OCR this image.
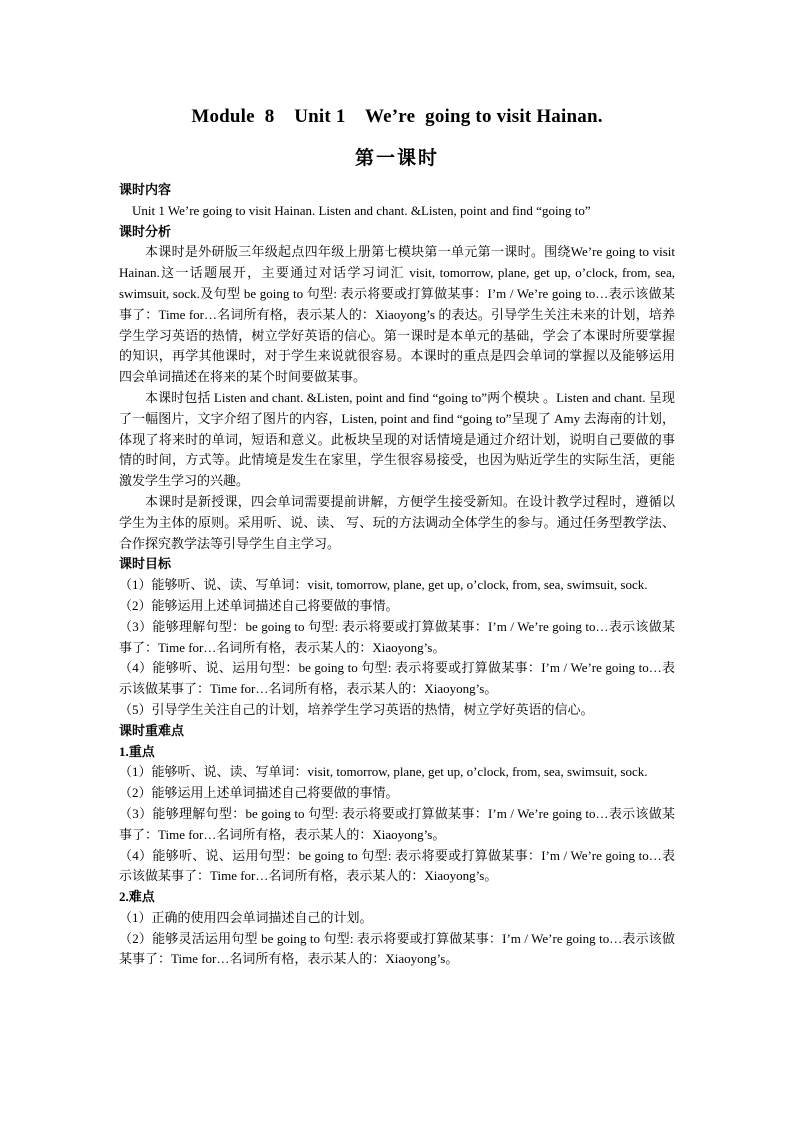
Module  8    Unit 1    We’re  going to visit Hainan.
第一课时

课时内容

Unit 1 We’re going to visit Hainan. Listen and chant. &Listen, point and find “going to”

课时分析

本课时是外研版三年级起点四年级上册第七模块第一单元第一课时。围绕We’re going to visit Hainan.这一话题展开，主要通过对话学习词汇 visit, tomorrow, plane, get up, o’clock, from, sea, swimsuit, sock.及句型 be going to 句型: 表示将要或打算做某事：I’m / We’re going to…表示该做某事了：Time for…名词所有格，表示某人的：Xiaoyong’s 的表达。引导学生关注未来的计划，培养学生学习英语的热情，树立学好英语的信心。第一课时是本单元的基础，学会了本课时所要掌握的知识，再学其他课时，对于学生来说就很容易。本课时的重点是四会单词的掌握以及能够运用四会单词描述在将来的某个时间要做某事。

本课时包括 Listen and chant. &Listen, point and find “going to”两个模块 。Listen and chant. 呈现了一幅图片，文字介绍了图片的内容，Listen, point and find “going to”呈现了 Amy 去海南的计划，体现了将来时的单词，短语和意义。此板块呈现的对话情境是通过介绍计划，说明自己要做的事情的时间，方式等。此情境是发生在家里，学生很容易接受，也因为贴近学生的实际生活，更能激发学生学习的兴趣。

本课时是新授课，四会单词需要提前讲解，方便学生接受新知。在设计教学过程时，遵循以学生为主体的原则。采用听、说、读、 写、玩的方法调动全体学生的参与。通过任务型教学法、合作探究教学法等引导学生自主学习。

课时目标

（1）能够听、说、读、写单词：visit, tomorrow, plane, get up, o’clock, from, sea, swimsuit, sock.

（2）能够运用上述单词描述自己将要做的事情。

（3）能够理解句型：be going to 句型: 表示将要或打算做某事：I’m / We’re going to…表示该做某事了：Time for…名词所有格，表示某人的：Xiaoyong’s。

（4）能够听、说、运用句型：be going to 句型: 表示将要或打算做某事：I’m / We’re going to…表示该做某事了：Time for…名词所有格，表示某人的：Xiaoyong’s。

（5）引导学生关注自己的计划，培养学生学习英语的热情，树立学好英语的信心。

课时重难点

1.重点

（1）能够听、说、读、写单词：visit, tomorrow, plane, get up, o’clock, from, sea, swimsuit, sock.

（2）能够运用上述单词描述自己将要做的事情。

（3）能够理解句型：be going to 句型: 表示将要或打算做某事：I’m / We’re going to…表示该做某事了：Time for…名词所有格，表示某人的：Xiaoyong’s。

（4）能够听、说、运用句型：be going to 句型: 表示将要或打算做某事：I’m / We’re going to…表示该做某事了：Time for…名词所有格，表示某人的：Xiaoyong’s。

2.难点

（1）正确的使用四会单词描述自己的计划。

（2）能够灵活运用句型 be going to 句型: 表示将要或打算做某事：I’m / We’re going to…表示该做某事了：Time for…名词所有格，表示某人的：Xiaoyong’s。
